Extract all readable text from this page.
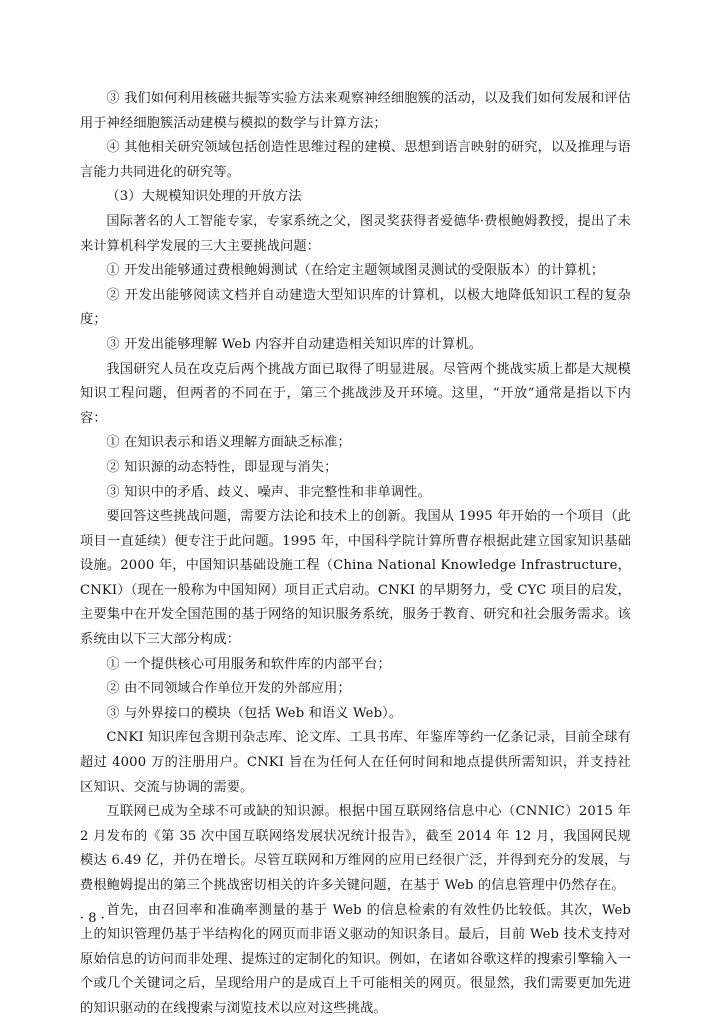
③ 我们如何利用核磁共振等实验方法来观察神经细胞簇的活动，以及我们如何发展和评估用于神经细胞簇活动建模与模拟的数学与计算方法；

④ 其他相关研究领域包括创造性思维过程的建模、思想到语言映射的研究，以及推理与语言能力共同进化的研究等。

（3）大规模知识处理的开放方法

国际著名的人工智能专家，专家系统之父，图灵奖获得者爱德华·费根鲍姆教授，提出了未来计算机科学发展的三大主要挑战问题：

① 开发出能够通过费根鲍姆测试（在给定主题领域图灵测试的受限版本）的计算机；

② 开发出能够阅读文档并自动建造大型知识库的计算机，以极大地降低知识工程的复杂度；

③ 开发出能够理解 Web 内容并自动建造相关知识库的计算机。

我国研究人员在攻克后两个挑战方面已取得了明显进展。尽管两个挑战实质上都是大规模知识工程问题，但两者的不同在于，第三个挑战涉及开环境。这里，“开放”通常是指以下内容：

① 在知识表示和语义理解方面缺乏标准；

② 知识源的动态特性，即显现与消失；

③ 知识中的矛盾、歧义、噪声、非完整性和非单调性。

要回答这些挑战问题，需要方法论和技术上的创新。我国从 1995 年开始的一个项目（此项目一直延续）便专注于此问题。1995 年，中国科学院计算所曹存根据此建立国家知识基础设施。2000 年，中国知识基础设施工程（China National Knowledge Infrastructure，CNKI）（现在一般称为中国知网）项目正式启动。CNKI 的早期努力，受 CYC 项目的启发，主要集中在开发全国范围的基于网络的知识服务系统，服务于教育、研究和社会服务需求。该系统由以下三大部分构成：

① 一个提供核心可用服务和软件库的内部平台；

② 由不同领域合作单位开发的外部应用；

③ 与外界接口的模块（包括 Web 和语义 Web）。

CNKI 知识库包含期刊杂志库、论文库、工具书库、年鉴库等约一亿条记录，目前全球有超过 4000 万的注册用户。CNKI 旨在为任何人在任何时间和地点提供所需知识，并支持社区知识、交流与协调的需要。

互联网已成为全球不可或缺的知识源。根据中国互联网络信息中心（CNNIC）2015 年 2 月发布的《第 35 次中国互联网络发展状况统计报告》，截至 2014 年 12 月，我国网民规模达 6.49 亿，并仍在增长。尽管互联网和万维网的应用已经很广泛，并得到充分的发展，与费根鲍姆提出的第三个挑战密切相关的许多关键问题，在基于 Web 的信息管理中仍然存在。

首先，由召回率和准确率测量的基于 Web 的信息检索的有效性仍比较低。其次，Web 上的知识管理仍基于半结构化的网页而非语义驱动的知识条目。最后，目前 Web 技术支持对原始信息的访问而非处理、提炼过的定制化的知识。例如，在诸如谷歌这样的搜索引擎输入一个或几个关键词之后，呈现给用户的是成百上千可能相关的网页。很显然，我们需要更加先进的知识驱动的在线搜索与浏览技术以应对这些挑战。

· 8 ·
